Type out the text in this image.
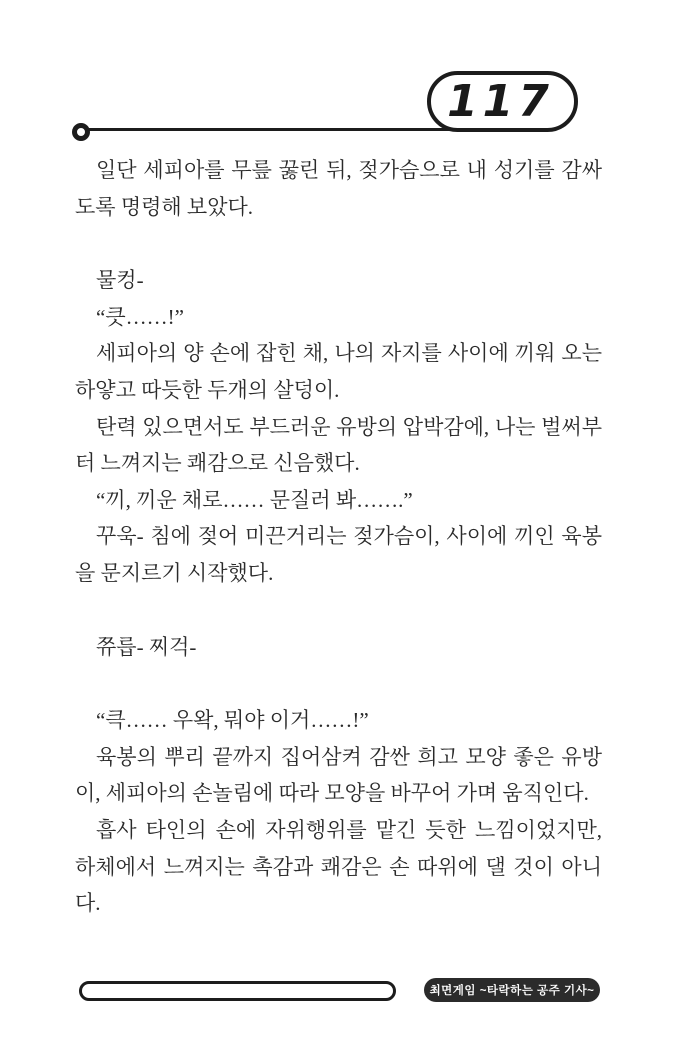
117

일단 세피아를 무릎 꿇린 뒤, 젖가슴으로 내 성기를 감싸도록 명령해 보았다.

물컹-

“큿……!”

세피아의 양 손에 잡힌 채, 나의 자지를 사이에 끼워 오는 하얗고 따듯한 두개의 살덩이.

탄력 있으면서도 부드러운 유방의 압박감에, 나는 벌써부터 느껴지는 쾌감으로 신음했다.

“끼, 끼운 채로…… 문질러 봐…….”

꾸욱- 침에 젖어 미끈거리는 젖가슴이, 사이에 끼인 육봉을 문지르기 시작했다.

쮸릅- 찌걱-

“큭…… 우왁, 뭐야 이거……!”

육봉의 뿌리 끝까지 집어삼켜 감싼 희고 모양 좋은 유방이, 세피아의 손놀림에 따라 모양을 바꾸어 가며 움직인다.

흡사 타인의 손에 자위행위를 맡긴 듯한 느낌이었지만, 하체에서 느껴지는 촉감과 쾌감은 손 따위에 댈 것이 아니다.

최면게임 ~타락하는 공주 기사~
